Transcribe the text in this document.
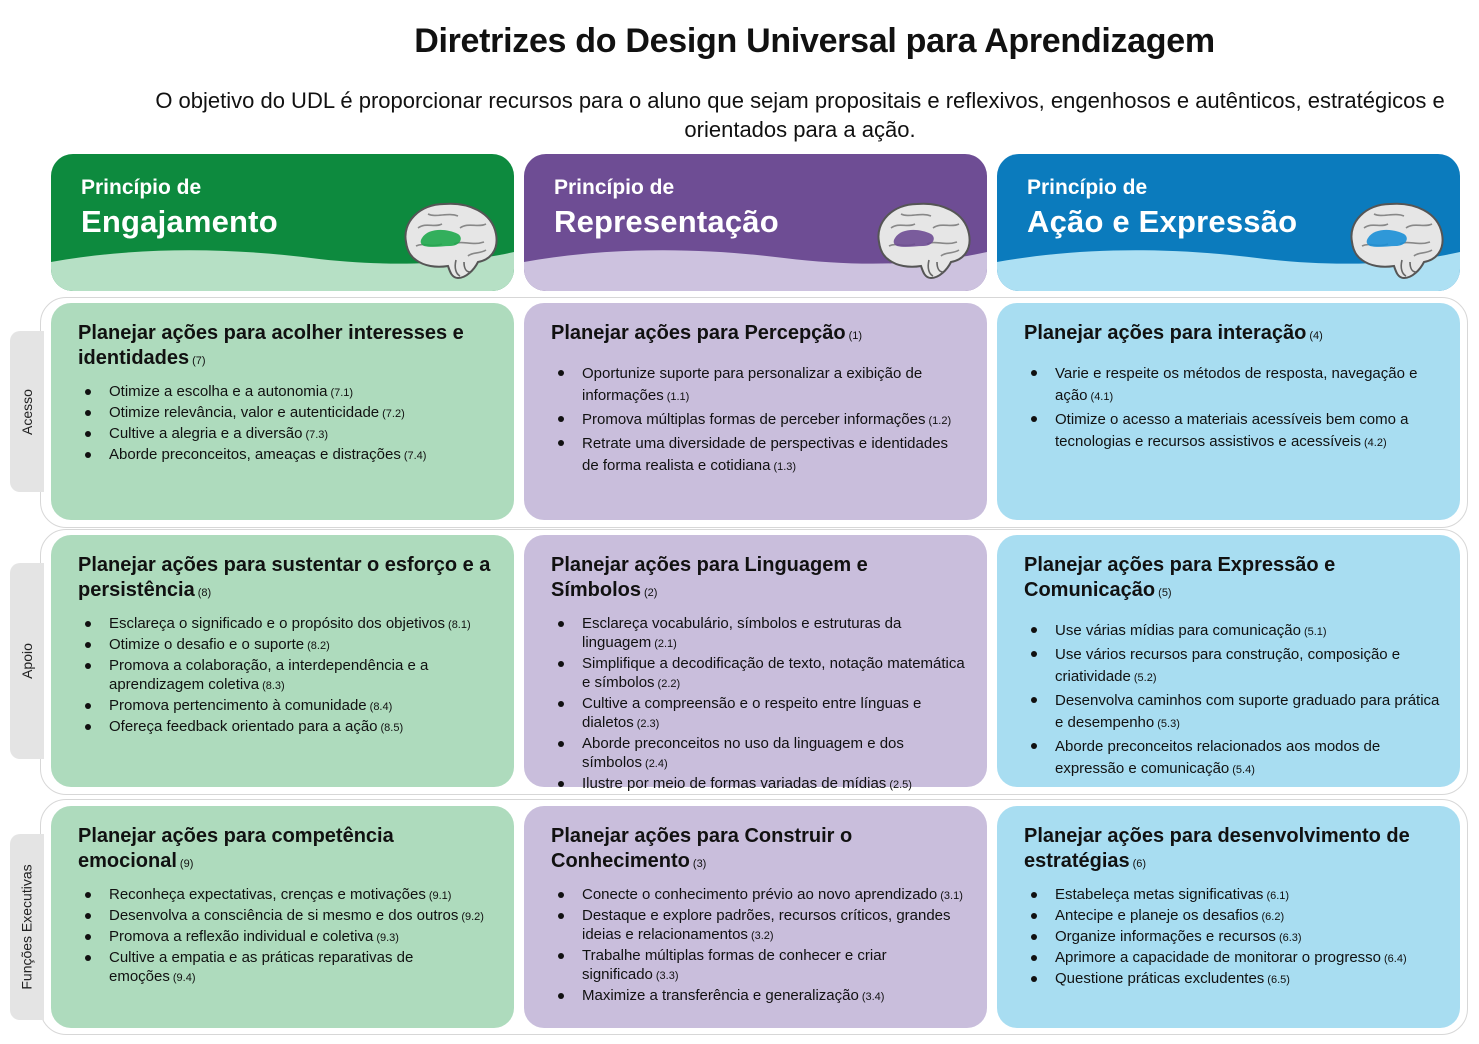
Diretrizes do Design Universal para Aprendizagem
O objetivo do UDL é proporcionar recursos para o aluno que sejam propositais e reflexivos, engenhosos e autênticos, estratégicos e orientados para a ação.
Princípio de
Engajamento
Princípio de
Representação
Princípio de
Ação e Expressão
Acesso
Planejar ações para acolher interesses e identidades (7)
Otimize a escolha e a autonomia (7.1)
Otimize relevância, valor e autenticidade (7.2)
Cultive a alegria e a diversão (7.3)
Aborde preconceitos, ameaças e distrações (7.4)
Planejar ações para Percepção (1)
Oportunize suporte para personalizar a exibição de informações (1.1)
Promova múltiplas formas de perceber informações (1.2)
Retrate uma diversidade de perspectivas e identidades de forma realista e cotidiana (1.3)
Planejar ações para interação (4)
Varie e respeite os métodos de resposta, navegação e ação (4.1)
Otimize o acesso a materiais acessíveis bem como a tecnologias e recursos assistivos e acessíveis (4.2)
Apoio
Planejar ações para sustentar o esforço e a persistência (8)
Esclareça o significado e o propósito dos objetivos (8.1)
Otimize o desafio e o suporte (8.2)
Promova a colaboração, a interdependência e a aprendizagem coletiva (8.3)
Promova pertencimento à comunidade (8.4)
Ofereça feedback orientado para a ação (8.5)
Planejar ações para Linguagem e Símbolos (2)
Esclareça vocabulário, símbolos e estruturas da linguagem (2.1)
Simplifique a decodificação de texto, notação matemática e símbolos (2.2)
Cultive a compreensão e o respeito entre línguas e dialetos (2.3)
Aborde preconceitos no uso da linguagem e dos símbolos (2.4)
Ilustre por meio de formas variadas de mídias (2.5)
Planejar ações para Expressão e Comunicação (5)
Use várias mídias para comunicação (5.1)
Use vários recursos para construção, composição e criatividade (5.2)
Desenvolva caminhos com suporte graduado para prática e desempenho (5.3)
Aborde preconceitos relacionados aos modos de expressão e comunicação (5.4)
Funções Executivas
Planejar ações para competência emocional (9)
Reconheça expectativas, crenças e motivações (9.1)
Desenvolva a consciência de si mesmo e dos outros (9.2)
Promova a reflexão individual e coletiva (9.3)
Cultive a empatia e as práticas reparativas de emoções (9.4)
Planejar ações para Construir o Conhecimento (3)
Conecte o conhecimento prévio ao novo aprendizado (3.1)
Destaque e explore padrões, recursos críticos, grandes ideias e relacionamentos (3.2)
Trabalhe múltiplas formas de conhecer e criar significado (3.3)
Maximize a transferência e generalização (3.4)
Planejar ações para desenvolvimento de estratégias (6)
Estabeleça metas significativas (6.1)
Antecipe e planeje os desafios (6.2)
Organize informações e recursos (6.3)
Aprimore a capacidade de monitorar o progresso (6.4)
Questione práticas excludentes (6.5)
